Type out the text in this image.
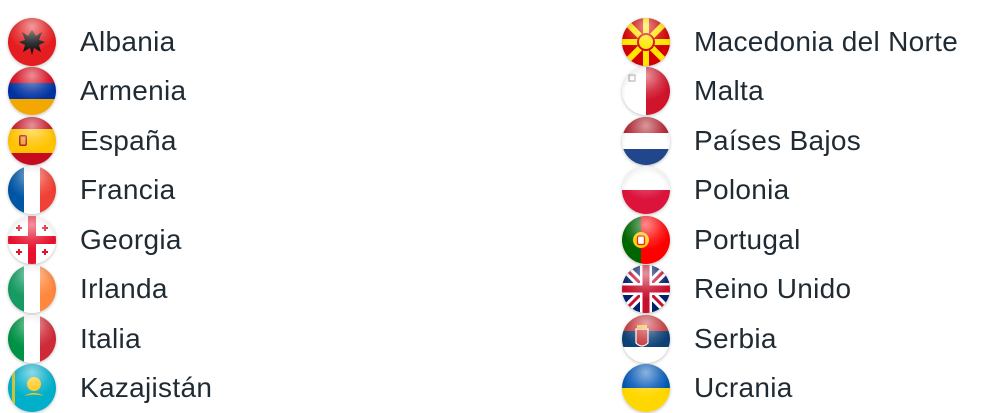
Albania
Armenia
España
Francia
Georgia
Irlanda
Italia
Kazajistán
Macedonia del Norte
Malta
Países Bajos
Polonia
Portugal
Reino Unido
Serbia
Ucrania
